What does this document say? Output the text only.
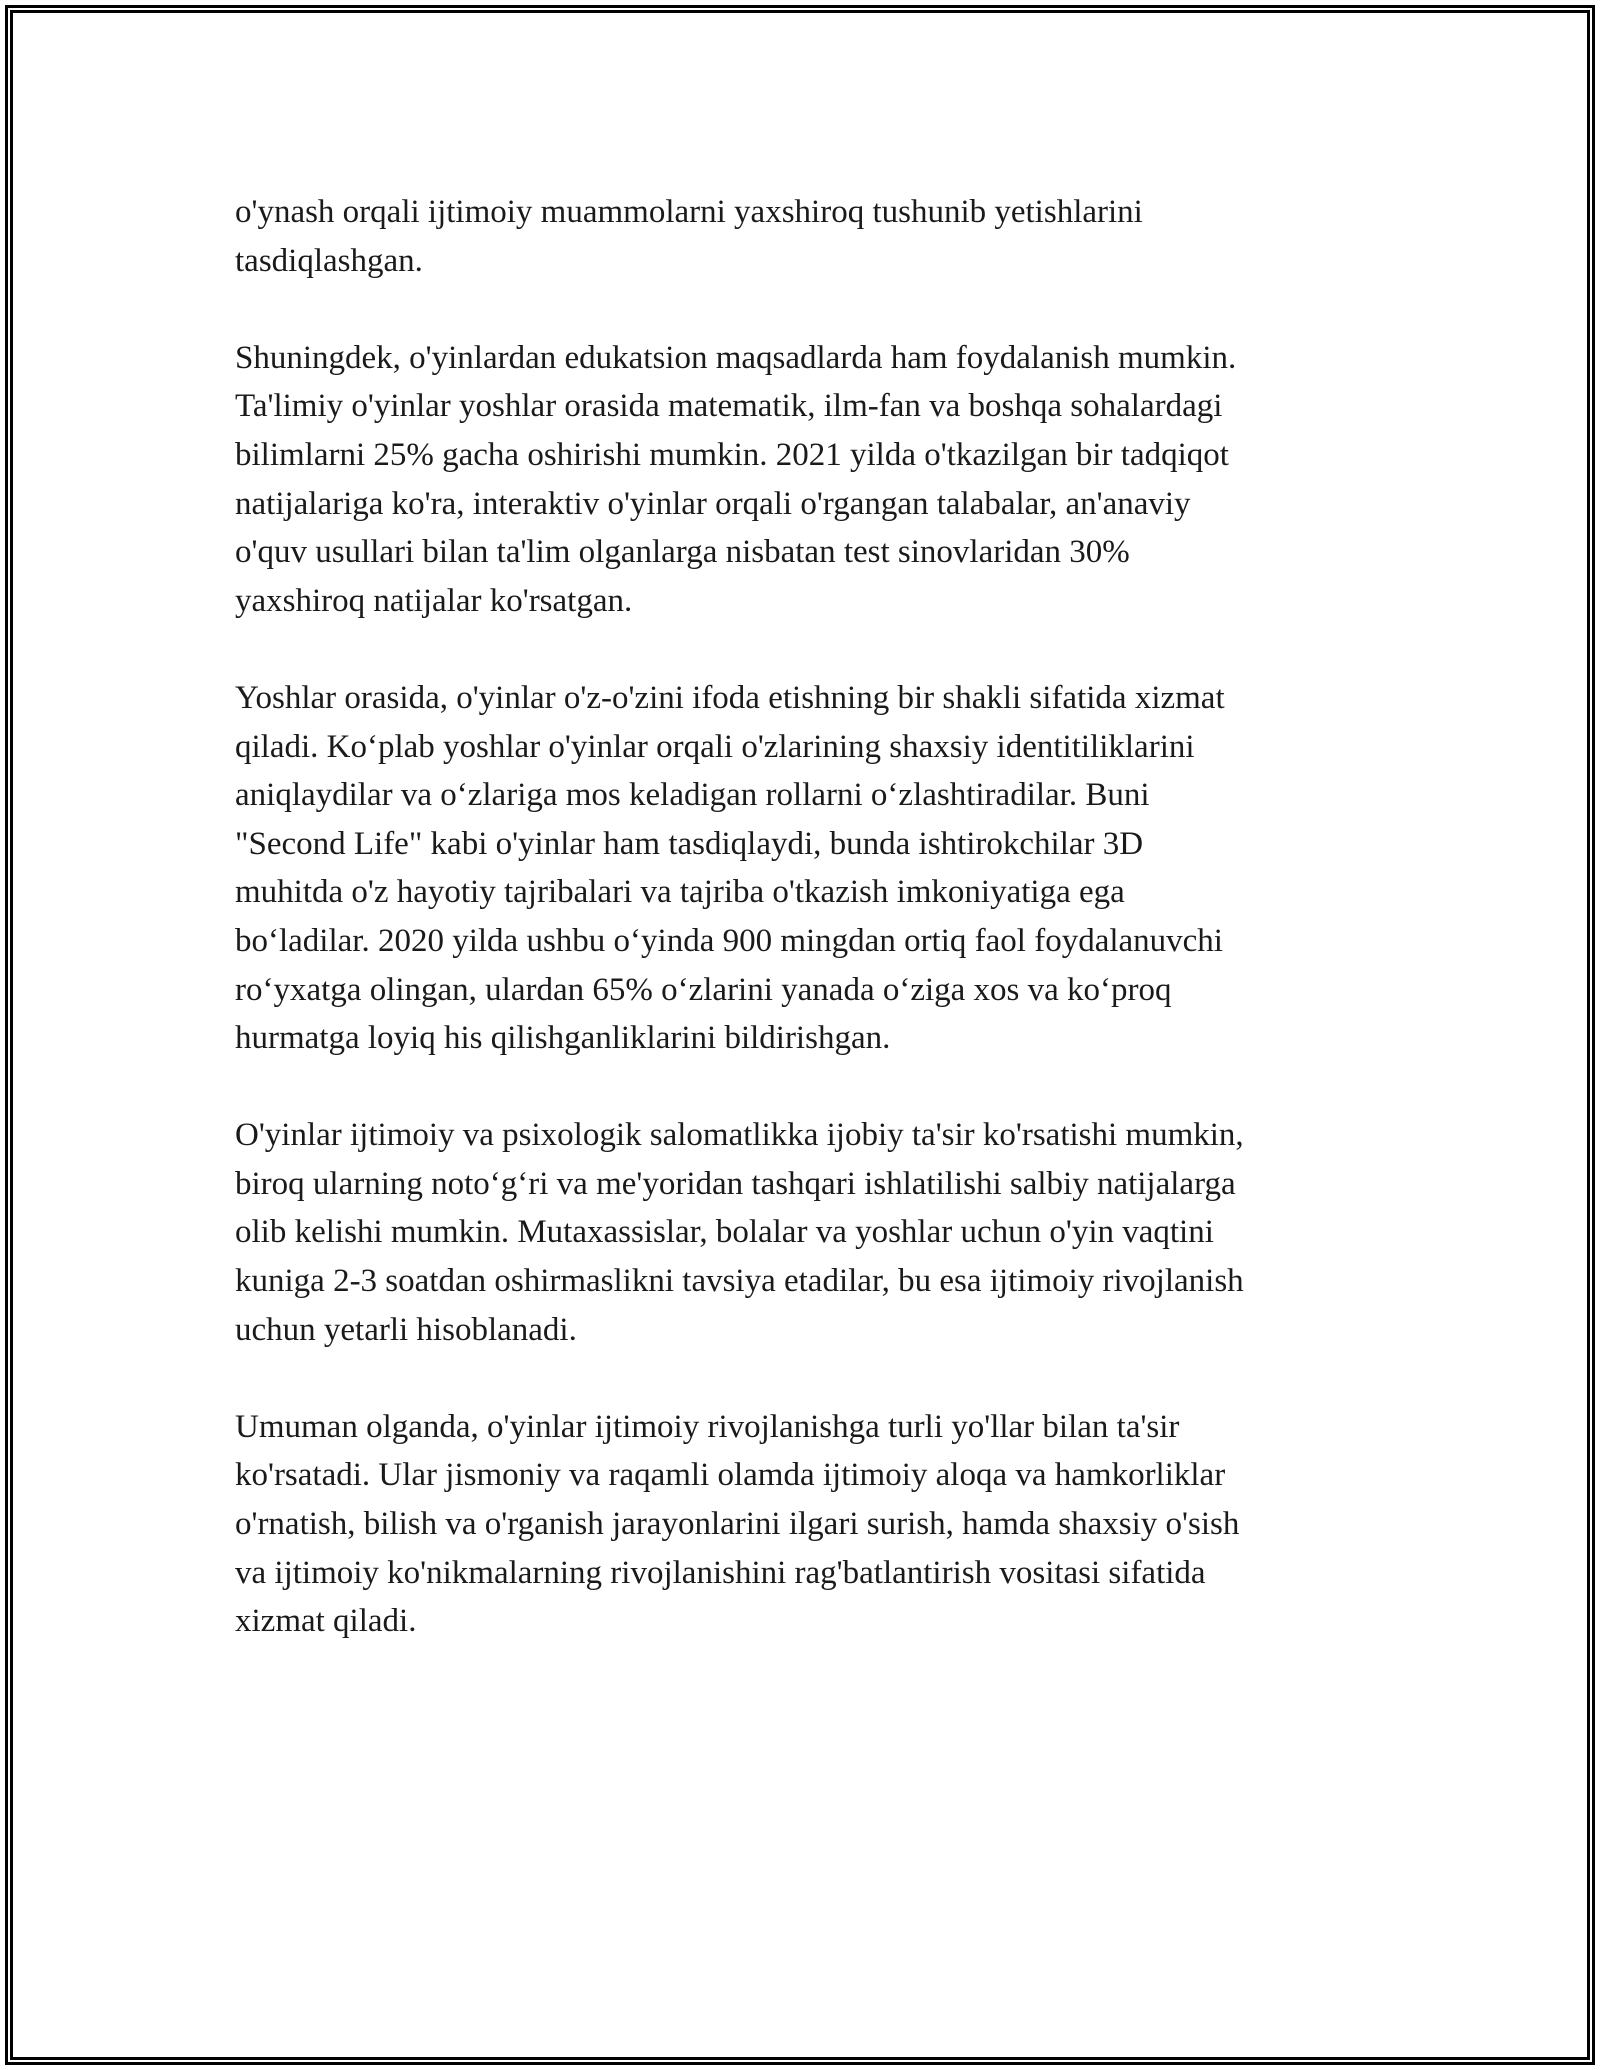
o'ynash orqali ijtimoiy muammolarni yaxshiroq tushunib yetishlarini
tasdiqlashgan.

Shuningdek, o'yinlardan edukatsion maqsadlarda ham foydalanish mumkin.
Ta'limiy o'yinlar yoshlar orasida matematik, ilm-fan va boshqa sohalardagi
bilimlarni 25% gacha oshirishi mumkin. 2021 yilda o'tkazilgan bir tadqiqot
natijalariga ko'ra, interaktiv o'yinlar orqali o'rgangan talabalar, an'anaviy
o'quv usullari bilan ta'lim olganlarga nisbatan test sinovlaridan 30%
yaxshiroq natijalar ko'rsatgan.

Yoshlar orasida, o'yinlar o'z-o'zini ifoda etishning bir shakli sifatida xizmat
qiladi. Koʻplab yoshlar o'yinlar orqali o'zlarining shaxsiy identitiliklarini
aniqlaydilar va oʻzlariga mos keladigan rollarni oʻzlashtiradilar. Buni
"Second Life" kabi o'yinlar ham tasdiqlaydi, bunda ishtirokchilar 3D
muhitda o'z hayotiy tajribalari va tajriba o'tkazish imkoniyatiga ega
boʻladilar. 2020 yilda ushbu oʻyinda 900 mingdan ortiq faol foydalanuvchi
roʻyxatga olingan, ulardan 65% oʻzlarini yanada oʻziga xos va koʻproq
hurmatga loyiq his qilishganliklarini bildirishgan.

O'yinlar ijtimoiy va psixologik salomatlikka ijobiy ta'sir ko'rsatishi mumkin,
biroq ularning notoʻgʻri va me'yoridan tashqari ishlatilishi salbiy natijalarga
olib kelishi mumkin. Mutaxassislar, bolalar va yoshlar uchun o'yin vaqtini
kuniga 2-3 soatdan oshirmaslikni tavsiya etadilar, bu esa ijtimoiy rivojlanish
uchun yetarli hisoblanadi.

Umuman olganda, o'yinlar ijtimoiy rivojlanishga turli yo'llar bilan ta'sir
ko'rsatadi. Ular jismoniy va raqamli olamda ijtimoiy aloqa va hamkorliklar
o'rnatish, bilish va o'rganish jarayonlarini ilgari surish, hamda shaxsiy o'sish
va ijtimoiy ko'nikmalarning rivojlanishini rag'batlantirish vositasi sifatida
xizmat qiladi.
